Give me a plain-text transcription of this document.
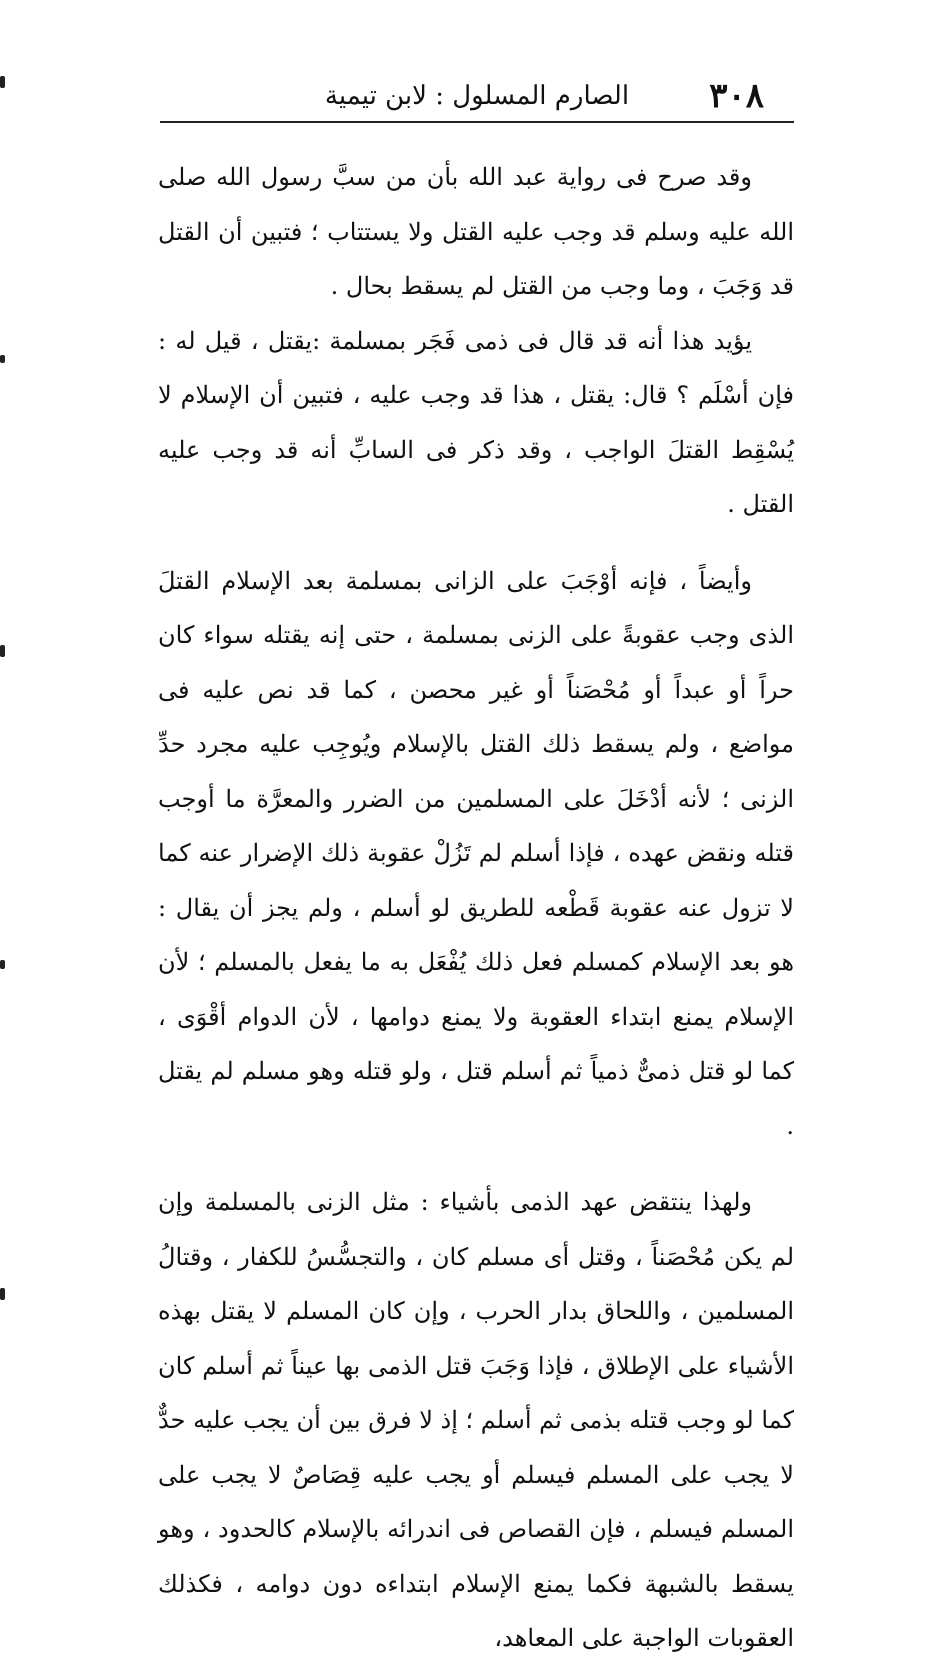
٣٠٨
الصارم المسلول : لابن تيمية

وقد صرح فى رواية عبد الله بأن من سبَّ رسول الله صلى الله عليه وسلم قد وجب عليه القتل ولا يستتاب ؛ فتبين أن القتل قد وَجَبَ ، وما وجب من القتل لم يسقط بحال .

يؤيد هذا أنه قد قال فى ذمى فَجَر بمسلمة :يقتل ، قيل له : فإن أسْلَم ؟ قال: يقتل ، هذا قد وجب عليه ، فتبين أن الإسلام لا يُسْقِط القتلَ الواجب ، وقد ذكر فى السابِّ أنه قد وجب عليه القتل .

وأيضاً ، فإنه أوْجَبَ على الزانى بمسلمة بعد الإسلام القتلَ الذى وجب عقوبةً على الزنى بمسلمة ، حتى إنه يقتله سواء كان حراً أو عبداً أو مُحْصَناً أو غير محصن ، كما قد نص عليه فى مواضع ، ولم يسقط ذلك القتل بالإسلام ويُوجِب عليه مجرد حدِّ الزنى ؛ لأنه أدْخَلَ على المسلمين من الضرر والمعرَّة ما أوجب قتله ونقض عهده ، فإذا أسلم لم تَزُلْ عقوبة ذلك الإضرار عنه كما لا تزول عنه عقوبة قَطْعه للطريق لو أسلم ، ولم يجز أن يقال : هو بعد الإسلام كمسلم فعل ذلك يُفْعَل به ما يفعل بالمسلم ؛ لأن الإسلام يمنع ابتداء العقوبة ولا يمنع دوامها ، لأن الدوام أقْوَى ، كما لو قتل ذمىٌّ ذمياً ثم أسلم قتل ، ولو قتله وهو مسلم لم يقتل .

ولهذا ينتقض عهد الذمى بأشياء : مثل الزنى بالمسلمة وإن لم يكن مُحْصَناً ، وقتل أى مسلم كان ، والتجسُّسُ للكفار ، وقتالُ المسلمين ، واللحاق بدار الحرب ، وإن كان المسلم لا يقتل بهذه الأشياء على الإطلاق ، فإذا وَجَبَ قتل الذمى بها عيناً ثم أسلم كان كما لو وجب قتله بذمى ثم أسلم ؛ إذ لا فرق بين أن يجب عليه حدٌّ لا يجب على المسلم فيسلم أو يجب عليه قِصَاصٌ لا يجب على المسلم فيسلم ، فإن القصاص فى اندرائه بالإسلام كالحدود ، وهو يسقط بالشبهة فكما يمنع الإسلام ابتداءه دون دوامه ، فكذلك العقوبات الواجبة على المعاهد،
